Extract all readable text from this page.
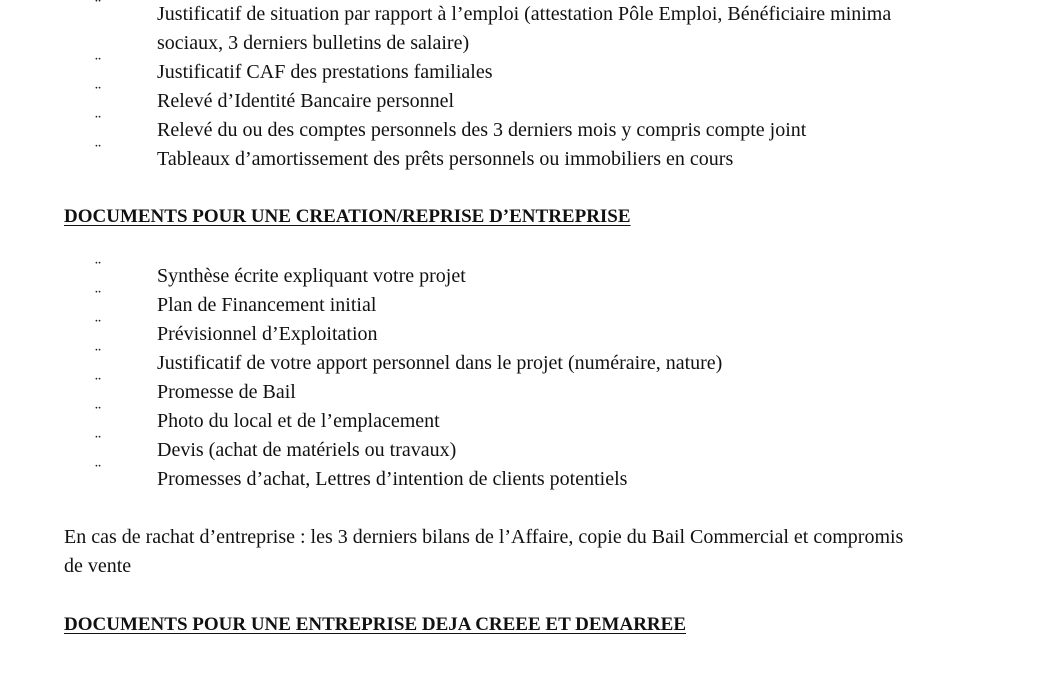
¨	Justificatif de situation par rapport à l’emploi (attestation Pôle Emploi, Bénéficiaire minima sociaux, 3 derniers bulletins de salaire)
¨	Justificatif CAF des prestations familiales
¨	Relevé d’Identité Bancaire personnel
¨	Relevé du ou des comptes personnels des 3 derniers mois y compris compte joint
¨	Tableaux d’amortissement des prêts personnels ou immobiliers en cours
DOCUMENTS POUR UNE CREATION/REPRISE D’ENTREPRISE
¨	Synthèse écrite expliquant votre projet
¨	Plan de Financement initial
¨	Prévisionnel d’Exploitation
¨	Justificatif de votre apport personnel dans le projet (numéraire, nature)
¨	Promesse de Bail
¨	Photo du local et de l’emplacement
¨	Devis (achat de matériels ou travaux)
¨	Promesses d’achat, Lettres d’intention de clients potentiels

En cas de rachat d’entreprise : les 3 derniers bilans de l’Affaire, copie du Bail Commercial et compromis de vente

DOCUMENTS POUR UNE ENTREPRISE DEJA CREEE ET DEMARREE
